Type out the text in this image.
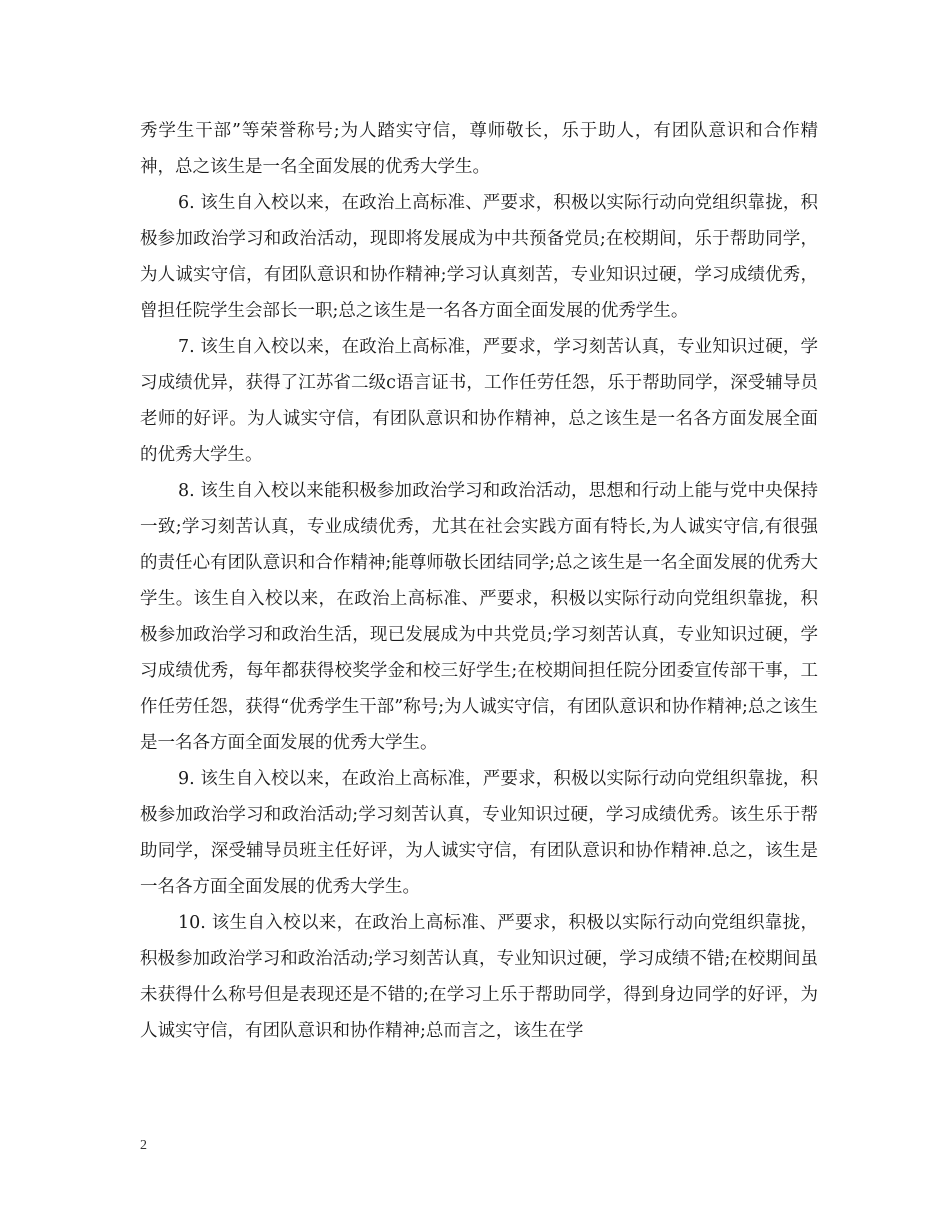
秀学生干部”等荣誉称号;为人踏实守信，尊师敬长，乐于助人，有团队意识和合作精神，总之该生是一名全面发展的优秀大学生。

6. 该生自入校以来，在政治上高标准、严要求，积极以实际行动向党组织靠拢，积极参加政治学习和政治活动，现即将发展成为中共预备党员;在校期间，乐于帮助同学，为人诚实守信，有团队意识和协作精神;学习认真刻苦，专业知识过硬，学习成绩优秀，曾担任院学生会部长一职;总之该生是一名各方面全面发展的优秀学生。

7. 该生自入校以来，在政治上高标准，严要求，学习刻苦认真，专业知识过硬，学习成绩优异，获得了江苏省二级c语言证书，工作任劳任怨，乐于帮助同学，深受辅导员老师的好评。为人诚实守信，有团队意识和协作精神，总之该生是一名各方面发展全面的优秀大学生。

8. 该生自入校以来能积极参加政治学习和政治活动，思想和行动上能与党中央保持一致;学习刻苦认真，专业成绩优秀，尤其在社会实践方面有特长,为人诚实守信,有很强的责任心有团队意识和合作精神;能尊师敬长团结同学;总之该生是一名全面发展的优秀大学生。该生自入校以来，在政治上高标准、严要求，积极以实际行动向党组织靠拢，积极参加政治学习和政治生活，现已发展成为中共党员;学习刻苦认真，专业知识过硬，学习成绩优秀，每年都获得校奖学金和校三好学生;在校期间担任院分团委宣传部干事，工作任劳任怨，获得“优秀学生干部”称号;为人诚实守信，有团队意识和协作精神;总之该生是一名各方面全面发展的优秀大学生。

9. 该生自入校以来，在政治上高标准，严要求，积极以实际行动向党组织靠拢，积极参加政治学习和政治活动;学习刻苦认真，专业知识过硬，学习成绩优秀。该生乐于帮助同学，深受辅导员班主任好评，为人诚实守信，有团队意识和协作精神.总之，该生是一名各方面全面发展的优秀大学生。

10. 该生自入校以来，在政治上高标准、严要求，积极以实际行动向党组织靠拢，积极参加政治学习和政治活动;学习刻苦认真，专业知识过硬，学习成绩不错;在校期间虽未获得什么称号但是表现还是不错的;在学习上乐于帮助同学，得到身边同学的好评，为人诚实守信，有团队意识和协作精神;总而言之，该生在学

2
